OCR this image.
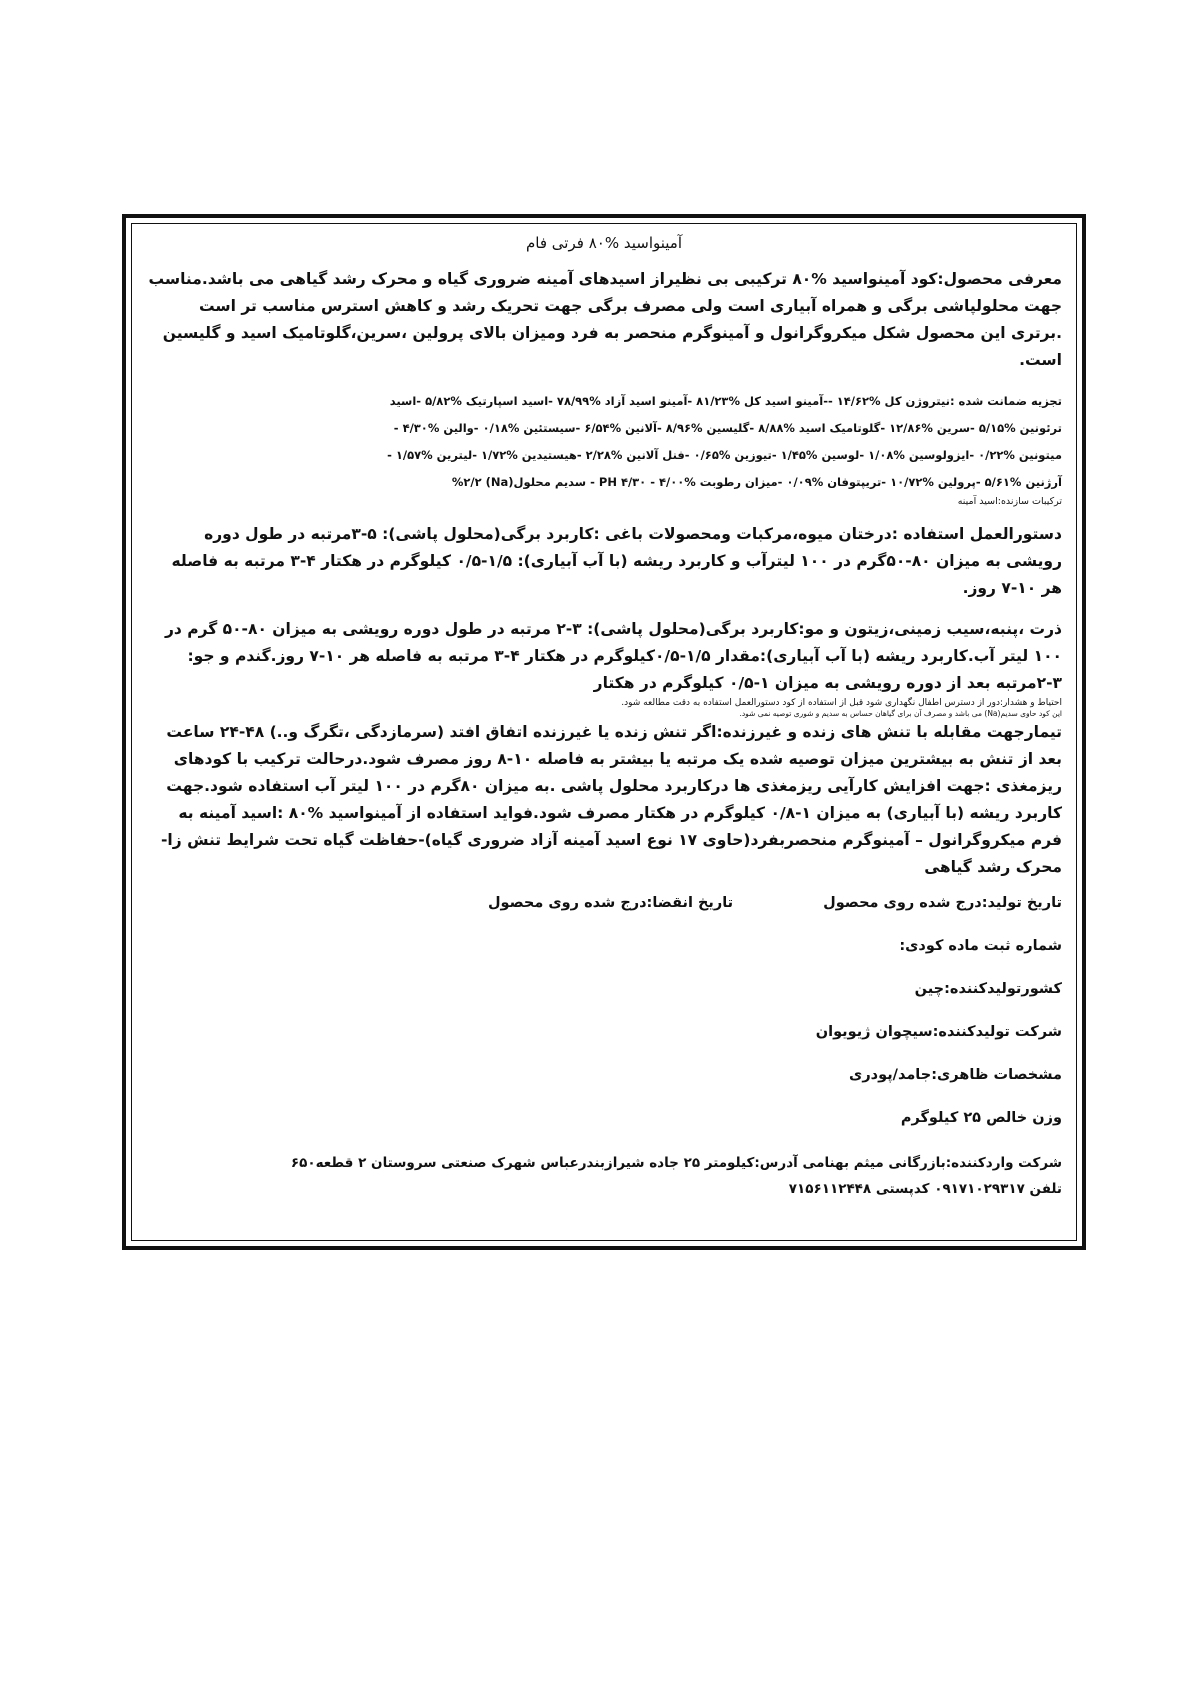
آمینواسید %۸۰ فرتی فام

معرفی محصول:کود آمینواسید %۸۰ ترکیبی بی نظیراز اسیدهای آمینه ضروری گیاه و محرک رشد گیاهی می باشد.مناسب جهت محلولپاشی برگی و همراه آبیاری است ولی مصرف برگی جهت تحریک رشد و کاهش استرس مناسب تر است .برتری این محصول شکل میکروگرانول و آمینوگرم منحصر به فرد ومیزان بالای پرولین ،سرین،گلوتامیک اسید و گلیسین است.

تجزیه ضمانت شده :نیتروژن کل %۱۴/۶۲ --آمینو اسید کل %۸۱/۲۳ -آمینو اسید آزاد %۷۸/۹۹ -اسید اسپارتیک %۵/۸۲ -اسید

ترئونین %۵/۱۵ -سرین %۱۲/۸۶ -گلوتامیک اسید %۸/۸۸ -گلیسین %۸/۹۶ -آلانین %۶/۵۴ -سیستئین %۰/۱۸ -والین %۴/۳۰ -

میتونین %۰/۲۲ -ایزولوسین %۱/۰۸ -لوسین %۱/۴۵ -تیوزین %۰/۶۵ -فنل آلانین %۲/۲۸ -هیستیدین %۱/۷۲ -لیترین %۱/۵۷ -

آرژنین %۵/۶۱ -پرولین %۱۰/۷۲ -تریپتوفان %۰/۰۹ -میزان رطوبت %۴/۰۰ - PH ۴/۳۰ - سدیم محلول(Na) %۲/۲

ترکیبات سازنده:اسید آمینه

دستورالعمل استفاده :درختان میوه،مرکبات ومحصولات باغی :کاربرد برگی(محلول پاشی): ۵-۳مرتبه در طول دوره رویشی به میزان ۸۰-۵۰گرم در ۱۰۰ لیترآب و کاربرد ریشه (با آب آبیاری): ۱/۵-۰/۵ کیلوگرم در هکتار ۴-۳ مرتبه به فاصله هر ۱۰-۷ روز.

ذرت ،پنبه،سیب زمینی،زیتون و مو:کاربرد برگی(محلول پاشی): ۳-۲ مرتبه در طول دوره رویشی به میزان ۸۰-۵۰ گرم در ۱۰۰ لیتر آب.کاربرد ریشه (با آب آبیاری):مقدار ۱/۵-۰/۵کیلوگرم در هکتار ۴-۳ مرتبه به فاصله هر ۱۰-۷ روز.گندم و جو: ۳-۲مرتبه بعد از دوره رویشی به میزان ۱-۰/۵ کیلوگرم در هکتار

احتیاط و هشدار:دور از دسترس اطفال نگهداری شود قبل از استفاده از کود دستورالعمل استفاده به دقت مطالعه شود.

این کود حاوی سدیم(Na) می باشد و مصرف آن برای گیاهان حساس به سدیم و شوری توصیه نمی شود.

تیمارجهت مقابله با تنش های زنده و غیرزنده:اگر تنش زنده یا غیرزنده اتفاق افتد (سرمازدگی ،تگرگ و..) ۴۸-۲۴ ساعت بعد از تنش به بیشترین میزان توصیه شده یک مرتبه یا بیشتر به فاصله ۱۰-۸ روز مصرف شود.درحالت ترکیب با کودهای ریزمغذی :جهت افزایش کارآیی ریزمغذی ها درکاربرد محلول پاشی .به میزان ۸۰گرم در ۱۰۰ لیتر آب استفاده شود.جهت کاربرد ریشه (با آبیاری) به میزان ۱-۰/۸ کیلوگرم در هکتار مصرف شود.فواید استفاده از آمینواسید %۸۰ :اسید آمینه به فرم میکروگرانول – آمینوگرم منحصربفرد(حاوی ۱۷ نوع اسید آمینه آزاد ضروری گیاه)-حفاظت گیاه تحت شرایط تنش زا-محرک رشد گیاهی

تاریخ تولید:درج شده روی محصول
تاریخ انقضا:درج شده روی محصول
شماره ثبت ماده کودی:
کشورتولیدکننده:چین
شرکت تولیدکننده:سیچوان ژیویوان
مشخصات ظاهری:جامد/پودری
وزن خالص ۲۵ کیلوگرم
شرکت واردکننده:بازرگانی میثم بهنامی آدرس:کیلومتر ۲۵ جاده شیرازبندرعباس شهرک صنعتی سروستان ۲ قطعه۶۵۰
تلفن ۰۹۱۷۱۰۲۹۳۱۷ کدپستی ۷۱۵۶۱۱۲۴۴۸
